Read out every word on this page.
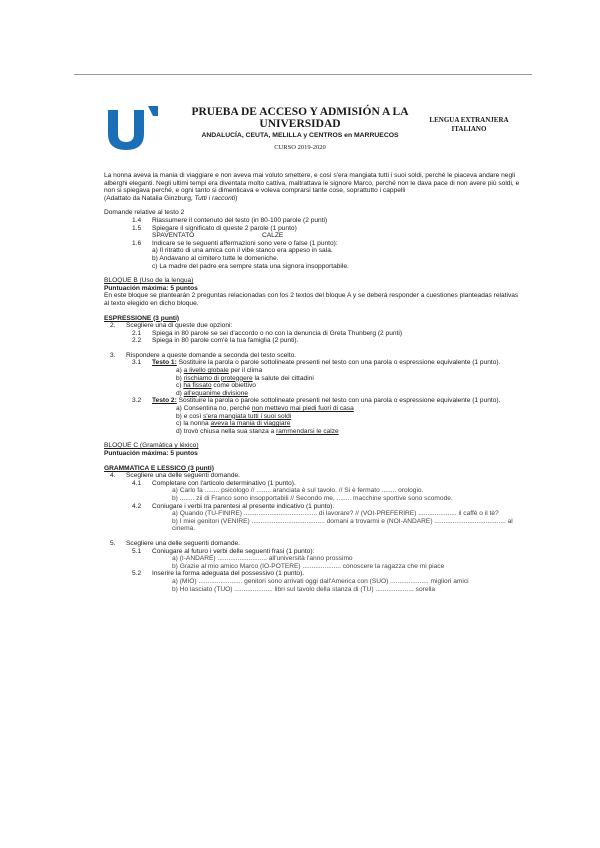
PRUEBA DE ACCESO Y ADMISIÓN A LA
UNIVERSIDAD
ANDALUCÍA, CEUTA, MELILLA y CENTROS en MARRUECOS
CURSO 2019-2020
LENGUA EXTRANJERA
ITALIANO

La nonna aveva la mania di viaggiare e non aveva mai voluto smettere, e così s'era mangiata tutti i suoi soldi, perché le piaceva andare negli alberghi eleganti. Negli ultimi tempi era diventata molto cattiva, maltrattava le signore Marco, perché non le dava pace di non avere più soldi, e non si spiegava perché, e ogni tanto si dimenticava e voleva comprarsi tante cose, soprattutto i cappelli
(Adattato da Natalia Ginzburg, Tutti i racconti)

Domande relative al testo 2
1.4	Riassumere il contenuto del testo (in 80-100 parole (2 punti)
1.5	Spiegare il significato di queste 2 parole (1 punto)
SPAVENTATO	CALZE
1.6	Indicare se le seguenti affermazioni sono vere o false (1 punto):
a) Il ritratto di una amica con il vibe stanco era appeso in sala.
b) Andavano al cimitero tutte le domeniche.
c) La madre del padre era sempre stata una signora insopportabile.
BLOQUE B (Uso de la lengua)
Puntuación máxima: 5 puntos
En este bloque se plantearán 2 preguntas relacionadas con los 2 textos del bloque A y se deberá responder a cuestiones planteadas relativas al texto elegido en dicho bloque.
ESPRESSIONE (3 punti)
2.	Scegliere una di queste due opzioni:
2.1	Spiega in 80 parole se sei d'accordo o no con la denuncia di Greta Thunberg (2 punti)
2.2	Spiega in 80 parole com'è la tua famiglia (2 punti).
3.	Rispondere a queste domande a seconda del testo scelto.
3.1	Testo 1: Sostituire la parola o parole sottolineate presenti nel testo con una parola o espressione equivalente (1 punto).
a) a livello globale per il clima
b) rischiamo di proteggere la salute dei cittadini
c) ha fissato come obiettivo
d) all'equanime divisione
3.2	Testo 2: Sostituire la parola o parole sottolineate presenti nel testo con una parola o espressione equivalente (1 punto).
a) Consentina no, perché non mettevo mai piedi fuori di casa
b) e così s'era mangiata tutti i suoi soldi
c) la nonna aveva la mania di viaggiare
d) trovò chiusa nella sua stanza a rammendarsi le calze
BLOQUE C (Gramática y léxico)
Puntuación máxima: 5 puntos
GRAMMATICA E LESSICO (3 punti)
4.	Scegliere una delle seguenti domande.
4.1	Completare con l'articolo determinativo (1 punto).
a) Carlo fa ........ psicologo // ........ aranciata è sul tavolo. // Si è fermato ........ orologio.
b) ........ zii di Franco sono insopportabili // Secondo me, ........ macchine sportive sono scomode.
4.2	Coniugare i verbi tra parentesi al presente indicativo (1 punto).
a) Quando (TU-FINIRE) ........................................ di lavorare? // (VOI-PREFERIRE) ..................... il caffè o il tè?
b) I miei genitori (VENIRE) ........................................ domani a trovarmi e (NOI-ANDARE) ....................................... al
cinema.
5.	Scegliere una delle seguenti domande.
5.1	Coniugare al futuro i verbi delle seguenti frasi (1 punto):
a) (I-ANDARE) ........................... all'università l'anno prossimo
b) Grazie al mio amico Marco (IO-POTERE) ..................... conoscere la ragazza che mi piace
5.2	Inserire la forma adeguata del possessivo (1 punto).
a) (MIO) ........................ genitori sono arrivati oggi dall'America con (SUO) ..................... migliori amici
b) Ho lasciato (TUO) ..................... libri sul tavolo della stanza di (TU) ..................... sorella
